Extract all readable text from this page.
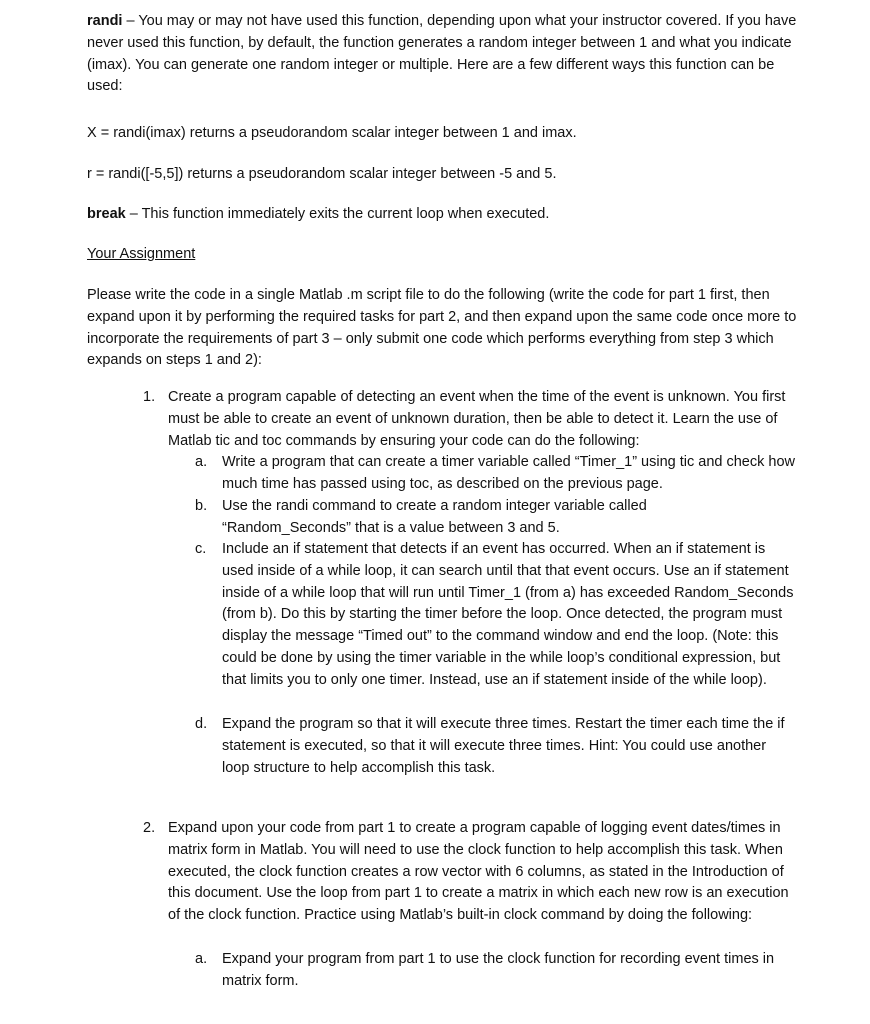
randi – You may or may not have used this function, depending upon what your instructor covered. If you have never used this function, by default, the function generates a random integer between 1 and what you indicate (imax). You can generate one random integer or multiple. Here are a few different ways this function can be used:

X = randi(imax) returns a pseudorandom scalar integer between 1 and imax.

r = randi([-5,5]) returns a pseudorandom scalar integer between -5 and 5.

break – This function immediately exits the current loop when executed.

Your Assignment

Please write the code in a single Matlab .m script file to do the following (write the code for part 1 first, then expand upon it by performing the required tasks for part 2, and then expand upon the same code once more to incorporate the requirements of part 3 – only submit one code which performs everything from step 3 which expands on steps 1 and 2):

1. Create a program capable of detecting an event when the time of the event is unknown. You first must be able to create an event of unknown duration, then be able to detect it. Learn the use of Matlab tic and toc commands by ensuring your code can do the following:

a. Write a program that can create a timer variable called “Timer_1” using tic and check how much time has passed using toc, as described on the previous page.

b. Use the randi command to create a random integer variable called “Random_Seconds” that is a value between 3 and 5.

c. Include an if statement that detects if an event has occurred. When an if statement is used inside of a while loop, it can search until that that event occurs. Use an if statement inside of a while loop that will run until Timer_1 (from a) has exceeded Random_Seconds (from b). Do this by starting the timer before the loop. Once detected, the program must display the message “Timed out” to the command window and end the loop. (Note: this could be done by using the timer variable in the while loop’s conditional expression, but that limits you to only one timer. Instead, use an if statement inside of the while loop).

d. Expand the program so that it will execute three times. Restart the timer each time the if statement is executed, so that it will execute three times. Hint: You could use another loop structure to help accomplish this task.

2. Expand upon your code from part 1 to create a program capable of logging event dates/times in matrix form in Matlab. You will need to use the clock function to help accomplish this task. When executed, the clock function creates a row vector with 6 columns, as stated in the Introduction of this document. Use the loop from part 1 to create a matrix in which each new row is an execution of the clock function. Practice using Matlab’s built-in clock command by doing the following:

a. Expand your program from part 1 to use the clock function for recording event times in matrix form.
